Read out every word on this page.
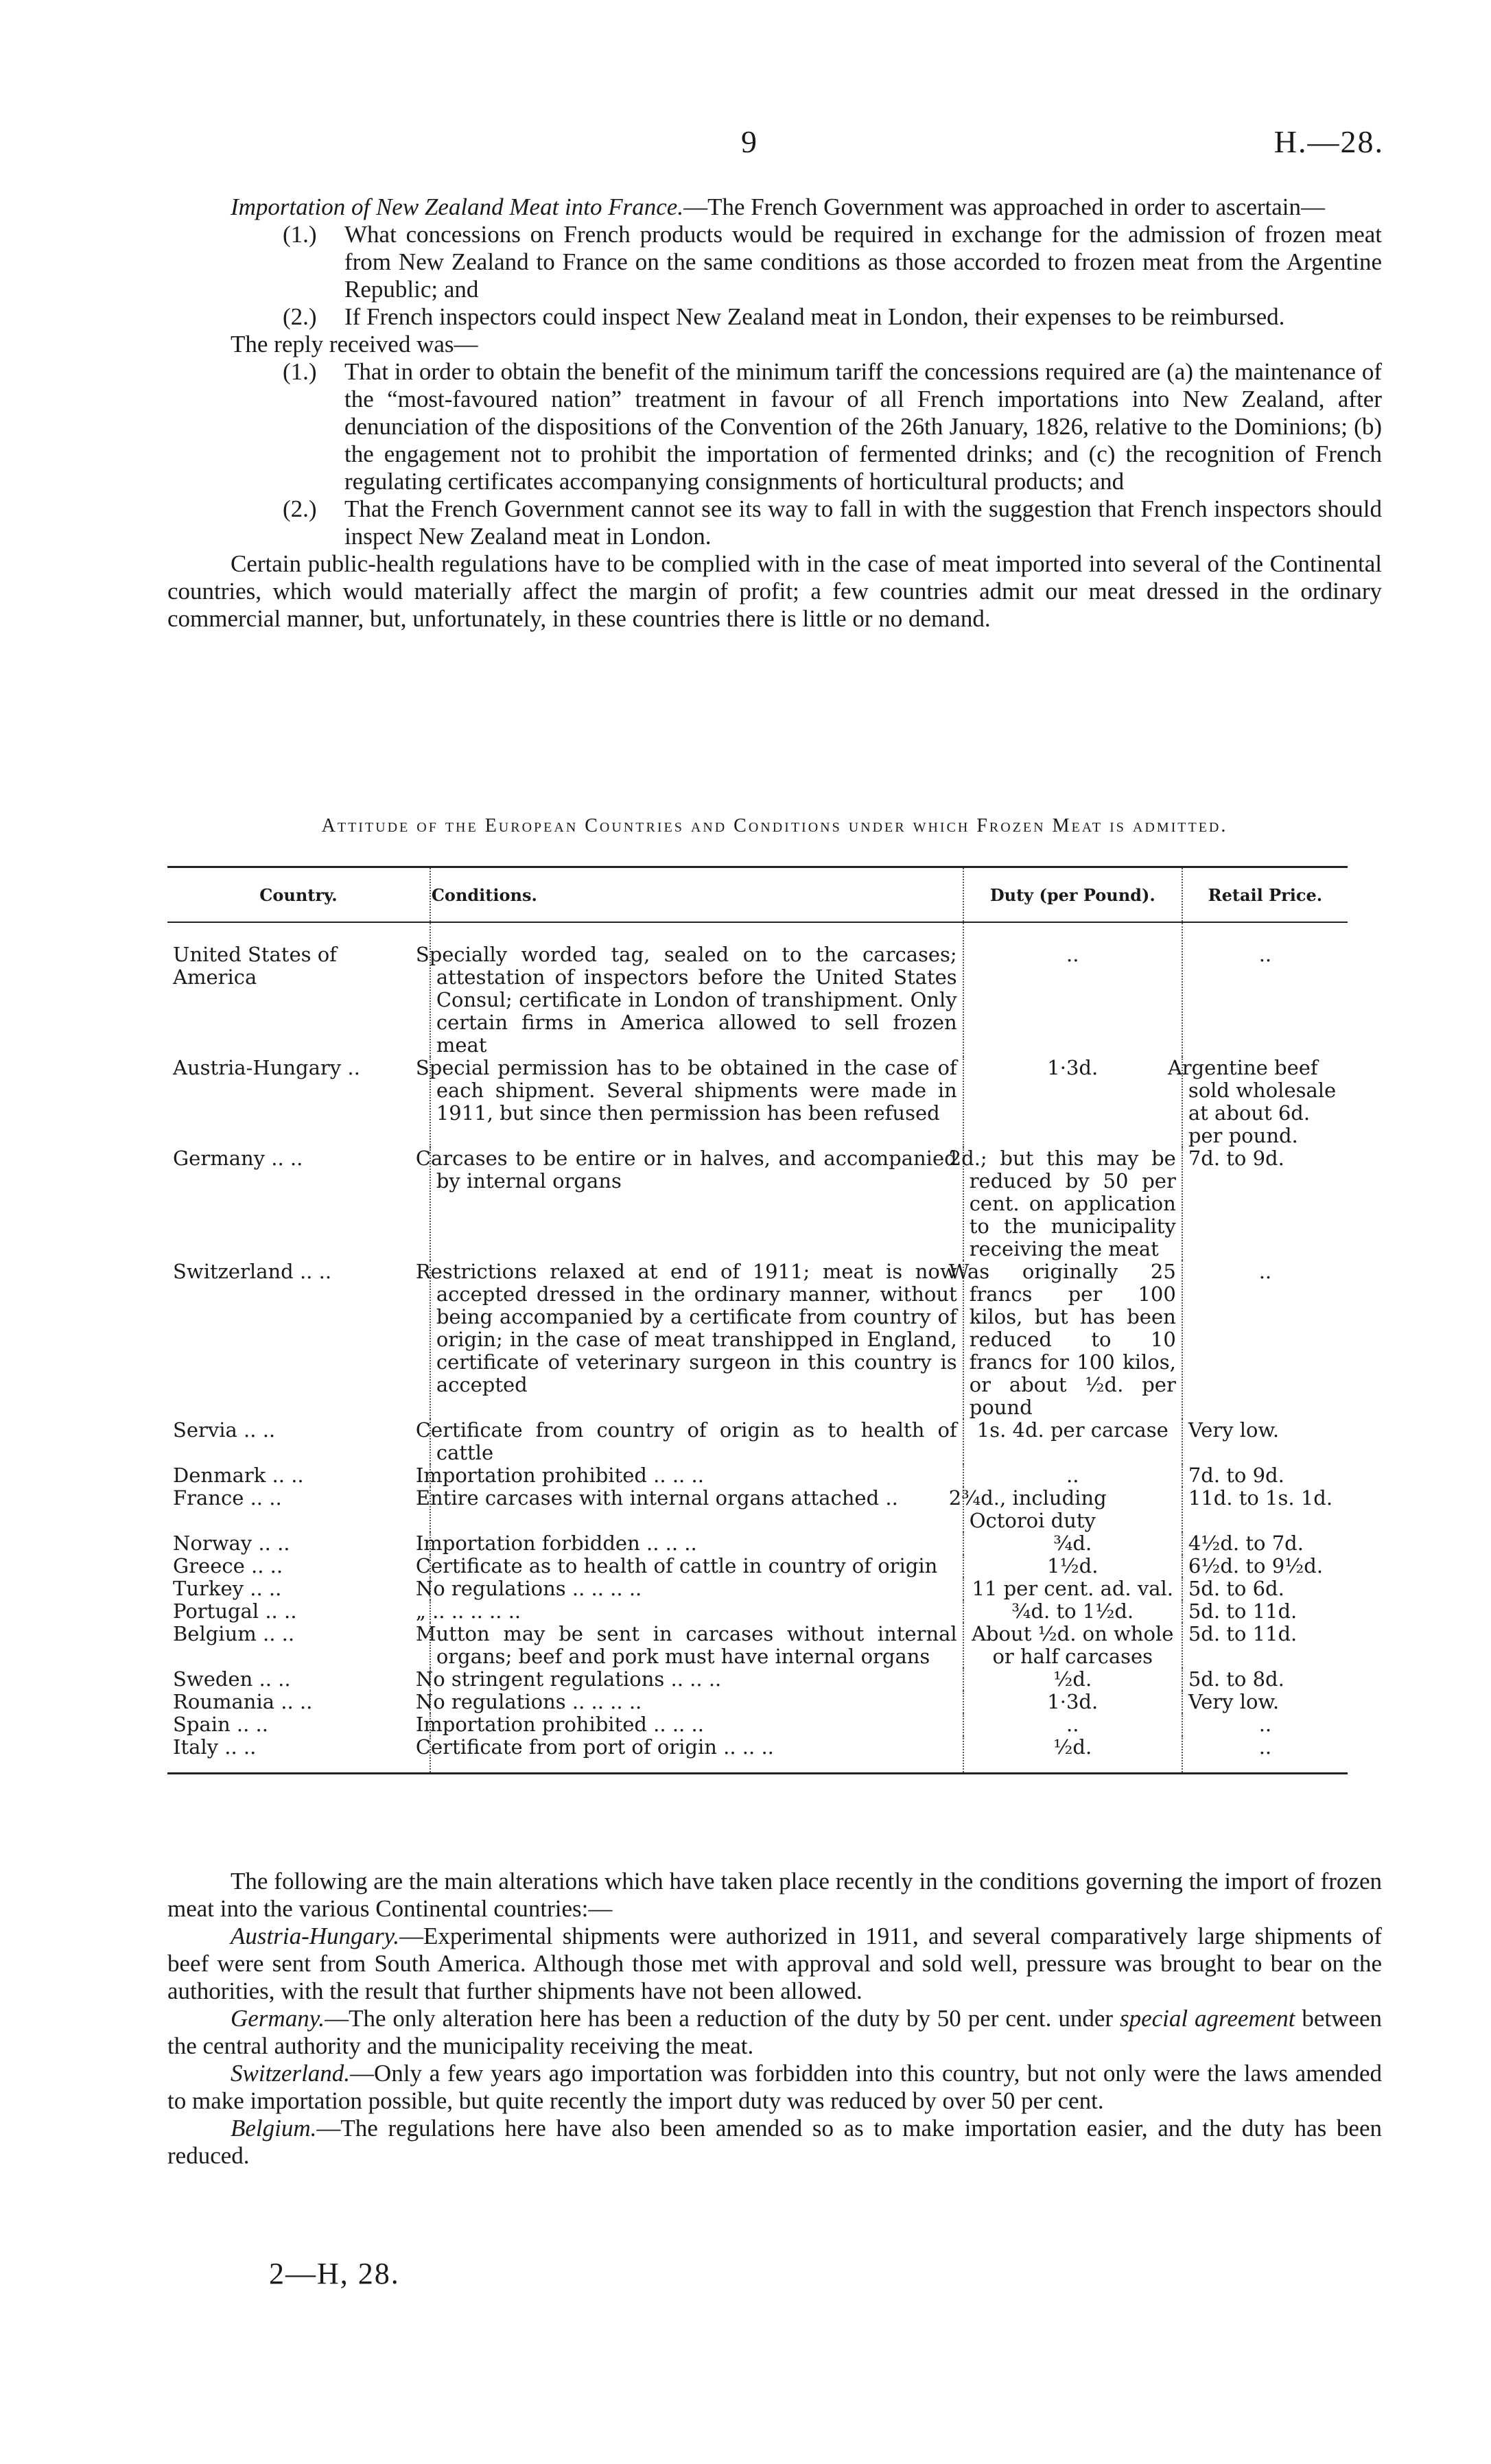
9	H.—28.

Importation of New Zealand Meat into France.—The French Government was approached in order to ascertain—

(1.) What concessions on French products would be required in exchange for the admission of frozen meat from New Zealand to France on the same conditions as those accorded to frozen meat from the Argentine Republic; and

(2.) If French inspectors could inspect New Zealand meat in London, their expenses to be reimbursed.

The reply received was—

(1.) That in order to obtain the benefit of the minimum tariff the concessions required are (a) the maintenance of the “most-favoured nation” treatment in favour of all French importations into New Zealand, after denunciation of the dispositions of the Convention of the 26th January, 1826, relative to the Dominions; (b) the engagement not to prohibit the importation of fermented drinks; and (c) the recognition of French regulating certificates accompanying consignments of horticultural products; and

(2.) That the French Government cannot see its way to fall in with the suggestion that French inspectors should inspect New Zealand meat in London.

Certain public-health regulations have to be complied with in the case of meat imported into several of the Continental countries, which would materially affect the margin of profit; a few countries admit our meat dressed in the ordinary commercial manner, but, unfortunately, in these countries there is little or no demand.

Attitude of the European Countries and Conditions under which Frozen Meat is admitted.
Country.	Conditions.	Duty (per Pound).	Retail Price.
United States of America	Specially worded tag, sealed on to the carcases; attestation of inspectors before the United States Consul; certificate in London of transhipment. Only certain firms in America allowed to sell frozen meat	..	..
Austria-Hungary ..	Special permission has to be obtained in the case of each shipment. Several shipments were made in 1911, but since then permission has been refused	1·3d.	Argentine beef sold wholesale at about 6d. per pound.
Germany .. ..	Carcases to be entire or in halves, and accompanied by internal organs	2d.; but this may be reduced by 50 per cent. on application to the municipality receiving the meat	7d. to 9d.
Switzerland .. ..	Restrictions relaxed at end of 1911; meat is now accepted dressed in the ordinary manner, without being accompanied by a certificate from country of origin; in the case of meat transhipped in England, certificate of veterinary surgeon in this country is accepted	Was originally 25 francs per 100 kilos, but has been reduced to 10 francs for 100 kilos, or about ½d. per pound	..
Servia .. ..	Certificate from country of origin as to health of cattle	1s. 4d. per carcase	Very low.
Denmark .. ..	Importation prohibited .. .. ..	..	7d. to 9d.
France .. ..	Entire carcases with internal organs attached ..	2¾d., including Octoroi duty	11d. to 1s. 1d.
Norway .. ..	Importation forbidden .. .. ..	¾d.	4½d. to 7d.
Greece .. ..	Certificate as to health of cattle in country of origin	1½d.	6½d. to 9½d.
Turkey .. ..	No regulations .. .. .. ..	11 per cent. ad. val.	5d. to 6d.
Portugal .. ..	„ .. .. .. .. ..	¾d. to 1½d.	5d. to 11d.
Belgium .. ..	Mutton may be sent in carcases without internal organs; beef and pork must have internal organs	About ½d. on whole or half carcases	5d. to 11d.
Sweden .. ..	No stringent regulations .. .. ..	½d.	5d. to 8d.
Roumania .. ..	No regulations .. .. .. ..	1·3d.	Very low.
Spain .. ..	Importation prohibited .. .. ..	..	..
Italy .. ..	Certificate from port of origin .. .. ..	½d.	..

The following are the main alterations which have taken place recently in the conditions governing the import of frozen meat into the various Continental countries:—

Austria-Hungary.—Experimental shipments were authorized in 1911, and several comparatively large shipments of beef were sent from South America. Although those met with approval and sold well, pressure was brought to bear on the authorities, with the result that further shipments have not been allowed.

Germany.—The only alteration here has been a reduction of the duty by 50 per cent. under special agreement between the central authority and the municipality receiving the meat.

Switzerland.—Only a few years ago importation was forbidden into this country, but not only were the laws amended to make importation possible, but quite recently the import duty was reduced by over 50 per cent.

Belgium.—The regulations here have also been amended so as to make importation easier, and the duty has been reduced.

2—H, 28.
